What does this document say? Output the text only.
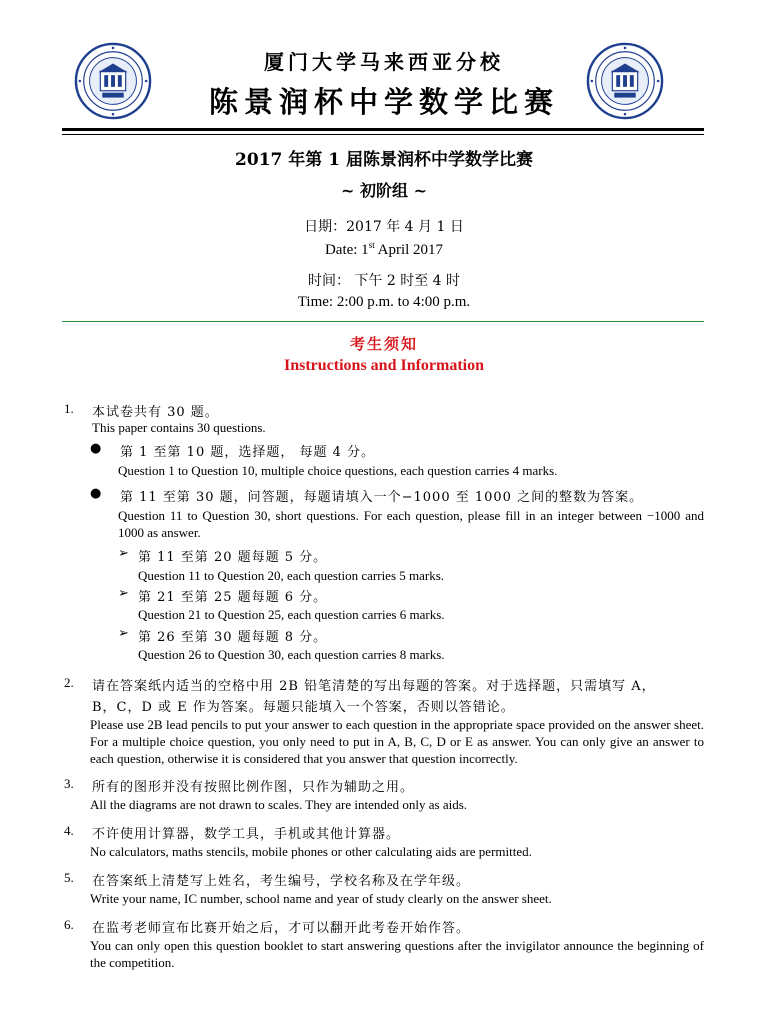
厦门大学马来西亚分校
陈景润杯中学数学比赛
2017 年第 1 届陈景润杯中学数学比赛
~ 初阶组 ~
日期：2017 年 4 月 1 日
Date: 1st April 2017
时间： 下午 2 时至 4 时
Time: 2:00 p.m. to 4:00 p.m.
考生须知
Instructions and Information
1. 本试卷共有 30 题。
This paper contains 30 questions.
● 第 1 至第 10 题，选择题， 每题 4 分。
Question 1 to Question 10, multiple choice questions, each question carries 4 marks.
● 第 11 至第 30 题，问答题，每题请填入一个−1000 至 1000 之间的整数为答案。
Question 11 to Question 30, short questions. For each question, please fill in an integer between −1000 and 1000 as answer.
➢ 第 11 至第 20 题每题 5 分。
Question 11 to Question 20, each question carries 5 marks.
➢ 第 21 至第 25 题每题 6 分。
Question 21 to Question 25, each question carries 6 marks.
➢ 第 26 至第 30 题每题 8 分。
Question 26 to Question 30, each question carries 8 marks.
2. 请在答案纸内适当的空格中用 2B 铅笔清楚的写出每题的答案。对于选择题，只需填写 A，
B，C，D 或 E 作为答案。每题只能填入一个答案，否则以答错论。
Please use 2B lead pencils to put your answer to each question in the appropriate space provided on the answer sheet. For a multiple choice question, you only need to put in A, B, C, D or E as answer. You can only give an answer to each question, otherwise it is considered that you answer that question incorrectly.
3. 所有的图形并没有按照比例作图，只作为辅助之用。
All the diagrams are not drawn to scales. They are intended only as aids.
4. 不许使用计算器，数学工具，手机或其他计算器。
No calculators, maths stencils, mobile phones or other calculating aids are permitted.
5. 在答案纸上清楚写上姓名，考生编号，学校名称及在学年级。
Write your name, IC number, school name and year of study clearly on the answer sheet.
6. 在监考老师宣布比赛开始之后，才可以翻开此考卷开始作答。
You can only open this question booklet to start answering questions after the invigilator announce the beginning of the competition.
